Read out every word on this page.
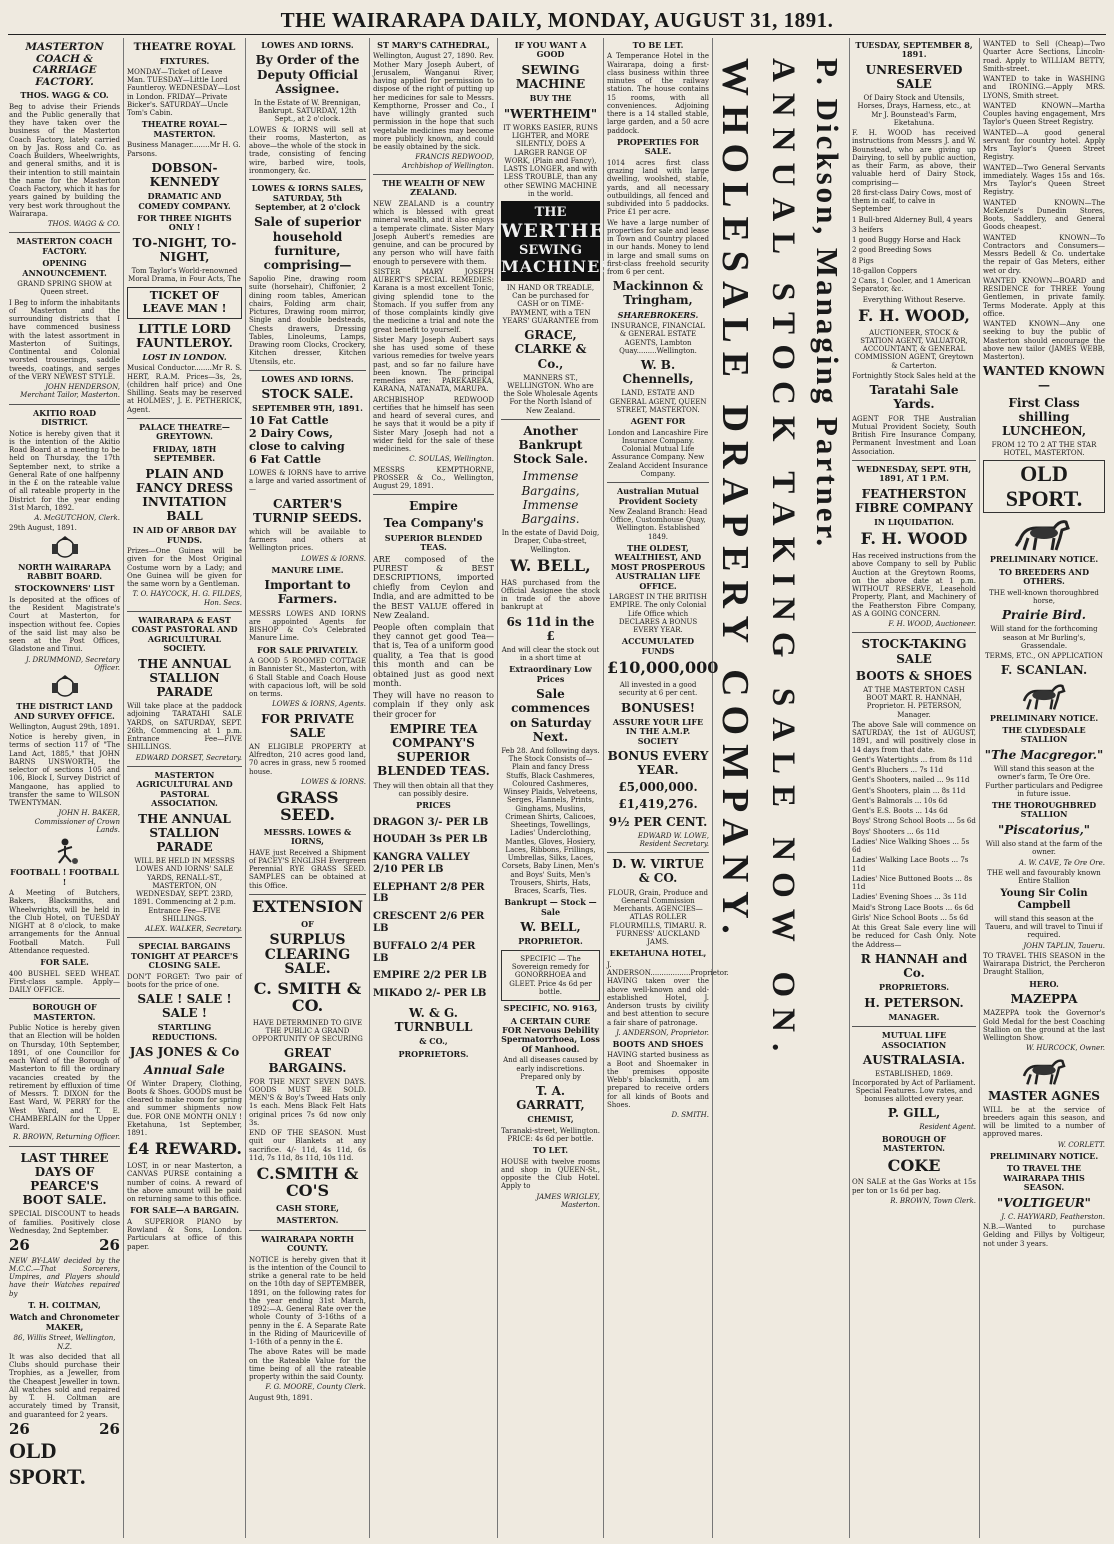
THE WAIRARAPA DAILY, MONDAY, AUGUST 31, 1891.
MASTERTON COACH & CARRIAGE FACTORY.
THOS. WAGG & CO.

Beg to advise their Friends and the Public generally that they have taken over the business of the Masterton Coach Factory, lately carried on by Jas. Ross and Co. as Coach Builders, Wheelwrights, and general smiths, and it is their intention to still maintain the name for the Masterton Coach Factory, which it has for years gained by building the very best work throughout the Wairarapa.

THOS. WAGG & CO.

MASTERTON COACH FACTORY.
OPENING ANNOUNCEMENT.

GRAND SPRING SHOW at Queen street.

I Beg to inform the inhabitants of Masterton and the surrounding districts that I have commenced business with the latest assortment in Masterton of Suitings, Continental and Colonial worsted trouserings, saddle tweeds, coatings, and serges of the VERY NEWEST STYLE.

JOHN HENDERSON, Merchant Tailor, Masterton.

AKITIO ROAD DISTRICT.

Notice is hereby given that it is the intention of the Akitio Road Board at a meeting to be held on Thursday, the 17th September next, to strike a General Rate of one halfpenny in the £ on the rateable value of all rateable property in the District for the year ending 31st March, 1892.

A. McGUTCHON, Clerk.

29th August, 1891.

NORTH WAIRARAPA RABBIT BOARD.
STOCKOWNERS' LIST

Is deposited at the offices of the Resident Magistrate's Court at Masterton, for inspection without fee. Copies of the said list may also be seen at the Post Offices, Gladstone and Tinui.

J. DRUMMOND, Secretary Officer.

THE DISTRICT LAND AND SURVEY OFFICE.

Wellington, August 29th, 1891.

Notice is hereby given, in terms of section 117 of "The Land Act, 1885," that JOHN BARNS UNSWORTH, the selector of sections 105 and 106, Block I, Survey District of Mangaone, has applied to transfer the same to WILSON TWENTYMAN.

JOHN H. BAKER, Commissioner of Crown Lands.

FOOTBALL ! FOOTBALL !

A Meeting of Butchers, Bakers, Blacksmiths, and Wheelwrights, will be held in the Club Hotel, on TUESDAY NIGHT at 8 o'clock, to make arrangements for the Annual Football Match. Full Attendance requested.

FOR SALE.

400 BUSHEL SEED WHEAT. First-class sample. Apply—DAILY OFFICE.

BOROUGH OF MASTERTON.

Public Notice is hereby given that an Election will be holden on Thursday, 10th September, 1891, of one Councillor for each Ward of the Borough of Masterton to fill the ordinary vacancies created by the retirement by effluxion of time of Messrs. T. DIXON for the East Ward, W. PERRY for the West Ward, and T. E. CHAMBERLAIN for the Upper Ward.

R. BROWN, Returning Officer.

LAST THREE DAYS OF PEARCE'S BOOT SALE.

SPECIAL DISCOUNT to heads of families. Positively close Wednesday, 2nd September.

26	26

NEW BY-LAW decided by the M.C.C.—That Sorcerers, Umpires, and Players should have their Watches repaired by

T. H. COLTMAN,
Watch and Chronometer MAKER,

86, Willis Street, Wellington, N.Z.

It was also decided that all Clubs should purchase their Trophies, as a Jeweller, from the Cheapest Jeweller in town. All watches sold and repaired by T. H. Coltman are accurately timed by Transit, and guaranteed for 2 years.

26	26
OLD SPORT.
THEATRE ROYAL
FIXTURES.

MONDAY—Ticket of Leave Man. TUESDAY—Little Lord Fauntleroy. WEDNESDAY—Lost in London. FRIDAY—Private Bicker's. SATURDAY—Uncle Tom's Cabin.

THEATRE ROYAL—MASTERTON.

Business Manager........Mr H. G. Parsons.

DOBSON-KENNEDY
DRAMATIC AND COMEDY COMPANY.
FOR THREE NIGHTS ONLY !
TO-NIGHT, TO-NIGHT,

Tom Taylor's World-renowned Moral Drama, in Four Acts, The

TICKET OF LEAVE MAN !
LITTLE LORD FAUNTLEROY.
LOST IN LONDON.

Musical Conductor........Mr R. S. HERT, R.A.M. Prices—3s, 2s, (children half price) and One Shilling. Seats may be reserved at HOLMES', J. E. PETHERICK, Agent.

PALACE THEATRE—GREYTOWN.
FRIDAY, 18TH SEPTEMBER.
PLAIN AND FANCY DRESS INVITATION BALL
IN AID OF ARBOR DAY FUNDS.

Prizes—One Guinea will be given for the Most Original Costume worn by a Lady; and One Guinea will be given for the same worn by a Gentleman.

T. O. HAYCOCK, H. G. FILDES, Hon. Secs.

WAIRARAPA & EAST COAST PASTORAL AND AGRICULTURAL SOCIETY.
THE ANNUAL STALLION PARADE

Will take place at the paddock adjoining TARATAHI SALE YARDS, on SATURDAY, SEPT. 26th, Commencing at 1 p.m. Entrance Fee—FIVE SHILLINGS.

EDWARD DORSET, Secretary.

MASTERTON AGRICULTURAL AND PASTORAL ASSOCIATION.
THE ANNUAL STALLION PARADE

WILL BE HELD IN MESSRS LOWES AND IORNS' SALE YARDS, RENALL-ST., MASTERTON, ON WEDNESDAY, SEPT. 23RD, 1891. Commencing at 2 p.m. Entrance Fee—FIVE SHILLINGS.

ALEX. WALKER, Secretary.

SPECIAL BARGAINS TONIGHT AT PEARCE'S CLOSING SALE.

DON'T FORGET: Two pair of boots for the price of one.

SALE ! SALE ! SALE !
STARTLING REDUCTIONS.
JAS JONES & Co
Annual Sale

Of Winter Drapery, Clothing, Boots & Shoes. GOODS must be cleared to make room for spring and summer shipments now due. FOR ONE MONTH ONLY ! Eketahuna, 1st September, 1891.

£4 REWARD.

LOST, in or near Masterton, a CANVAS PURSE containing a number of coins. A reward of the above amount will be paid on returning same to this office.

FOR SALE—A BARGAIN.

A SUPERIOR PIANO by Rowland & Sons, London. Particulars at office of this paper.

LOWES AND IORNS.
By Order of the Deputy Official Assignee.

In the Estate of W. Brennigan, Bankrupt. SATURDAY, 12th Sept., at 2 o'clock.

LOWES & IORNS will sell at their rooms, Masterton, as above—the whole of the stock in trade, consisting of fencing wire, barbed wire, tools, ironmongery, &c.

LOWES & IORNS SALES, SATURDAY, 5th September, at 2 o'clock
Sale of superior household furniture, comprising—

Sapolio Pine, drawing room suite (horsehair), Chiffonier, 2 dining room tables, American chairs, Folding arm chair, Pictures, Drawing room mirror, Single and double bedsteads, Chests drawers, Dressing Tables, Linoleums, Lamps, Drawing room Clocks, Crockery, Kitchen dresser, Kitchen Utensils, etc.

LOWES AND IORNS.
STOCK SALE.
SEPTEMBER 9TH, 1891.
10 Fat Cattle
2 Dairy Cows, close to calving
6 Fat Cattle

LOWES & IORNS have to arrive a large and varied assortment of—

CARTER'S TURNIP SEEDS.

which will be available to farmers and others at Wellington prices.

LOWES & IORNS.

MANURE LIME.
Important to Farmers.

MESSRS LOWES AND IORNS are appointed Agents for BISHOP & Co's Celebrated Manure Lime.

FOR SALE PRIVATELY.

A GOOD 5 ROOMED COTTAGE in Bannister St., Masterton, with 6 Stall Stable and Coach House with capacious loft, will be sold on terms.

LOWES & IORNS, Agents.

FOR PRIVATE SALE

AN ELIGIBLE PROPERTY at Alfredton, 210 acres good land, 70 acres in grass, new 5 roomed house.

LOWES & IORNS.

GRASS SEED.
MESSRS. LOWES & IORNS,

HAVE just Received a Shipment of PACEY'S ENGLISH Evergreen Perennial RYE GRASS SEED. SAMPLES can be obtained at this Office.

EXTENSION
OF
SURPLUS CLEARING SALE.
C. SMITH & CO.

HAVE DETERMINED TO GIVE THE PUBLIC A GRAND OPPORTUNITY OF SECURING

GREAT BARGAINS.

FOR THE NEXT SEVEN DAYS. GOODS MUST BE SOLD. MEN'S & Boy's Tweed Hats only 1s each. Mens Black Felt Hats original prices 7s 6d now only 3s.

END OF THE SEASON. Must quit our Blankets at any sacrifice. 4/- 11d, 4s 11d, 6s 11d, 7s 11d, 8s 11d, 10s 11d.

C.SMITH & CO'S
CASH STORE,
MASTERTON.
WAIRARAPA NORTH COUNTY.

NOTICE is hereby given that it is the intention of the Council to strike a general rate to be held on the 10th day of SEPTEMBER, 1891, on the following rates for the year ending 31st March, 1892:—A. General Rate over the whole County of 3-16ths of a penny in the £. A Separate Rate in the Riding of Mauriceville of 1-16th of a penny in the £.

The above Rates will be made on the Rateable Value for the time being of all the rateable property within the said County.

F. G. MOORE, County Clerk.

August 9th, 1891.

ST MARY'S CATHEDRAL,

Wellington, August 27, 1890. Rev. Mother Mary Joseph Aubert, of Jerusalem, Wanganui River, having applied for permission to dispose of the right of putting up her medicines for sale to Messrs. Kempthorne, Prosser and Co., I have willingly granted such permission in the hope that such vegetable medicines may become more publicly known, and could be easily obtained by the sick.

FRANCIS REDWOOD, Archbishop of Wellington.

THE WEALTH OF NEW ZEALAND.

NEW ZEALAND is a country which is blessed with great mineral wealth, and it also enjoys a temperate climate. Sister Mary Joseph Aubert's remedies are genuine, and can be procured by any person who will have faith enough to persevere with them.

SISTER MARY JOSEPH AUBERT'S SPECIAL REMEDIES: Karana is a most excellent Tonic, giving splendid tone to the Stomach. If you suffer from any of those complaints kindly give the medicine a trial and note the great benefit to yourself.

Sister Mary Joseph Aubert says she has used some of these various remedies for twelve years past, and so far no failure have been known. The principal remedies are: PAREKAREKA, KARANA, NATANATA, MARUPA.

ARCHBISHOP REDWOOD certifies that he himself has seen and heard of several cures, and he says that it would be a pity if Sister Mary Joseph had not a wider field for the sale of these medicines.

C. SOULAS, Wellington.

MESSRS KEMPTHORNE, PROSSER & Co., Wellington, August 29, 1891.

Empire
Tea Company's
SUPERIOR BLENDED TEAS.

ARE composed of the PUREST & BEST DESCRIPTIONS, imported chiefly from Ceylon and India, and are admitted to be the BEST VALUE offered in New Zealand.

People often complain that they cannot get good Tea—that is, Tea of a uniform good quality, a Tea that is good this month and can be obtained just as good next month.

They will have no reason to complain if they only ask their grocer for

EMPIRE TEA COMPANY'S SUPERIOR BLENDED TEAS.

They will then obtain all that they can possibly desire.

PRICES
DRAGON 3/- PER LB
HOUDAH 3s PER LB
KANGRA VALLEY 2/10 PER LB
ELEPHANT 2/8 PER LB
CRESCENT 2/6 PER LB
BUFFALO 2/4 PER LB
EMPIRE 2/2 PER LB
MIKADO 2/- PER LB
W. & G. TURNBULL
& CO.,
PROPRIETORS.
IF YOU WANT A GOOD
SEWING MACHINE
BUY THE
"WERTHEIM"

IT WORKS EASIER, RUNS LIGHTER, and MORE SILENTLY, DOES A LARGER RANGE OF WORK, (Plain and Fancy), LASTS LONGER, and with LESS TROUBLE, than any other SEWING MACHINE in the world.

THE
WERTHEIM
SEWING
MACHINES

IN HAND OR TREADLE, Can be purchased for CASH or on TIME-PAYMENT, with a TEN YEARS' GUARANTEE from

GRACE, CLARKE & Co.,

MANNERS ST., WELLINGTON. Who are the Sole Wholesale Agents For the North Island of New Zealand.

Another Bankrupt Stock Sale.
Immense Bargains, Immense Bargains.

In the estate of David Doig, Draper, Cuba-street, Wellington.

W. BELL,

HAS purchased from the Official Assignee the stock in trade of the above bankrupt at

6s 11d in the £

And will clear the stock out in a short time at

Extraordinary Low Prices
Sale commences on Saturday Next.

Feb 28. And following days. The Stock Consists of—Plain and fancy Dress Stuffs, Black Cashmeres, Coloured Cashmeres, Winsey Plaids, Velveteens, Serges, Flannels, Prints, Ginghams, Muslins, Crimean Shirts, Calicoes, Sheetings, Towellings, Ladies' Underclothing, Mantles, Gloves, Hosiery, Laces, Ribbons, Frillings, Umbrellas, Silks, Laces, Corsets, Baby Linen, Men's and Boys' Suits, Men's Trousers, Shirts, Hats, Braces, Scarfs, Ties.

Bankrupt — Stock — Sale
W. BELL,
PROPRIETOR.

SPECIFIC — The Sovereign remedy for GONORRHOEA and GLEET. Price 4s 6d per bottle.

SPECIFIC, NO. 9163,
A CERTAIN CURE FOR Nervous Debility Spermatorrhoea, Loss Of Manhood.

And all diseases caused by early indiscretions. Prepared only by

T. A. GARRATT,
CHEMIST,

Taranaki-street, Wellington. PRICE: 4s 6d per bottle.

TO LET.

HOUSE with twelve rooms and shop in QUEEN-St., opposite the Club Hotel. Apply to

JAMES WRIGLEY, Masterton.

TO BE LET.

A Temperance Hotel in the Wairarapa, doing a first-class business within three minutes of the railway station. The house contains 15 rooms, with all conveniences. Adjoining there is a 14 stalled stable, large garden, and a 50 acre paddock.

PROPERTIES FOR SALE.

1014 acres first class grazing land with large dwelling, woolshed, stable, yards, and all necessary outbuildings, all fenced and subdivided into 5 paddocks. Price £1 per acre.

We have a large number of properties for sale and lease in Town and Country placed in our hands. Money to lend in large and small sums on first-class freehold security from 6 per cent.

Mackinnon & Tringham,
SHAREBROKERS.

INSURANCE, FINANCIAL & GENERAL ESTATE AGENTS, Lambton Quay.........Wellington.

W. B. Chennells,

LAND, ESTATE AND GENERAL AGENT, QUEEN STREET, MASTERTON.

AGENT FOR

London and Lancashire Fire Insurance Company. Colonial Mutual Life Assurance Company. New Zealand Accident Insurance Company.

Australian Mutual Provident Society

New Zealand Branch: Head Office, Customhouse Quay, Wellington. Established 1849.

THE OLDEST, WEALTHIEST, AND MOST PROSPEROUS AUSTRALIAN LIFE OFFICE.

LARGEST IN THE BRITISH EMPIRE. The only Colonial Life Office which DECLARES A BONUS EVERY YEAR.

ACCUMULATED FUNDS
£10,000,000

All invested in a good security at 6 per cent.

BONUSES!
ASSURE YOUR LIFE IN THE A.M.P. SOCIETY
BONUS EVERY YEAR.
£5,000,000.
£1,419,276.
9½ PER CENT.

EDWARD W. LOWE, Resident Secretary.

D. W. VIRTUE & CO.

FLOUR, Grain, Produce and General Commission Merchants. AGENCIES—ATLAS ROLLER FLOURMILLS, TIMARU. R. FURNESS' AUCKLAND JAMS.

EKETAHUNA HOTEL,

J. ANDERSON..................Proprietor. HAVING taken over the above well-known and old-established Hotel, J. Anderson trusts by civility and best attention to secure a fair share of patronage.

J. ANDERSON, Proprietor.

BOOTS AND SHOES

HAVING started business as a Boot and Shoemaker in the premises opposite Webb's blacksmith, I am prepared to receive orders for all kinds of Boots and Shoes.

D. SMITH.

WHOLESALE DRAPERY COMPANY. ANNUAL STOCK TAKING SALE NOW ON. P. Dickson, Managing Partner.
TUESDAY, SEPTEMBER 8, 1891.
UNRESERVED SALE

Of Dairy Stock and Utensils, Horses, Drays, Harness, etc., at Mr J. Bounstead's Farm, Eketahuna.

F. H. WOOD has received instructions from Messrs J. and W. Bounstead, who are giving up Dairying, to sell by public auction, as their Farm, as above, their valuable herd of Dairy Stock, comprising—

28 first-class Dairy Cows, most of them in calf, to calve in September

1 Bull-bred Alderney Bull, 4 years

3 heifers

1 good Buggy Horse and Hack

2 good Breeding Sows

8 Pigs

18-gallon Coppers

2 Cans, 1 Cooler, and 1 American Separator, &c.

Everything Without Reserve.

F. H. WOOD,

AUCTIONEER, STOCK & STATION AGENT, VALUATOR, ACCOUNTANT, & GENERAL COMMISSION AGENT, Greytown & Carterton.

Fortnightly Stock Sales held at the

Taratahi Sale Yards.

AGENT FOR THE Australian Mutual Provident Society, South British Fire Insurance Company, Permanent Investment and Loan Association.

WEDNESDAY, SEPT. 9TH, 1891, AT 1 P.M.
FEATHERSTON FIBRE COMPANY
IN LIQUIDATION.
F. H. WOOD

Has received instructions from the above Company to sell by Public Auction at the Greytown Rooms, on the above date at 1 p.m. WITHOUT RESERVE, Leasehold Property, Plant, and Machinery of the Featherston Fibre Company, AS A GOING CONCERN.

F. H. WOOD, Auctioneer.

STOCK-TAKING SALE
BOOTS & SHOES

AT THE MASTERTON CASH BOOT MART. R. HANNAH, Proprietor. H. PETERSON, Manager.

The above Sale will commence on SATURDAY, the 1st of AUGUST, 1891, and will positively close in 14 days from that date.

Gent's Watertights ... from 8s 11d

Gent's Bluchers ... 7s 11d

Gent's Shooters, nailed ... 9s 11d

Gent's Shooters, plain ... 8s 11d

Gent's Balmorals ... 10s 6d

Gent's E.S. Boots ... 14s 6d

Boys' Strong School Boots ... 5s 6d

Boys' Shooters ... 6s 11d

Ladies' Nice Walking Shoes ... 5s 6d

Ladies' Walking Lace Boots ... 7s 11d

Ladies' Nice Buttoned Boots ... 8s 11d

Ladies' Evening Shoes ... 3s 11d

Maid's Strong Lace Boots ... 6s 6d

Girls' Nice School Boots ... 5s 6d

At this Great Sale every line will be reduced for Cash Only. Note the Address—

R HANNAH and Co.
PROPRIETORS.
H. PETERSON.
MANAGER.
MUTUAL LIFE ASSOCIATION
AUSTRALASIA.

ESTABLISHED, 1869. Incorporated by Act of Parliament. Special Features. Low rates, and bonuses allotted every year.

P. GILL,

Resident Agent.

BOROUGH OF MASTERTON.
COKE

ON SALE at the Gas Works at 15s per ton or 1s 6d per bag.

R. BROWN, Town Clerk.

WANTED to Sell (Cheap)—Two Quarter Acre Sections, Lincoln-road. Apply to WILLIAM BETTY, Smith-street.

WANTED to take in WASHING and IRONING.—Apply MRS. LYONS, Smith street.

WANTED KNOWN—Martha Couples having engagement, Mrs Taylor's Queen Street Registry.

WANTED—A good general servant for country hotel. Apply Mrs Taylor's Queen Street Registry.

WANTED—Two General Servants immediately. Wages 15s and 16s. Mrs Taylor's Queen Street Registry.

WANTED KNOWN—The McKenzie's Dunedin Stores, Boots, Saddlery, and General Goods cheapest.

WANTED KNOWN—To Contractors and Consumers—Messrs Bedell & Co. undertake the repair of Gas Meters, either wet or dry.

WANTED KNOWN—BOARD and RESIDENCE for THREE Young Gentlemen, in private family. Terms Moderate. Apply at this office.

WANTED KNOWN—Any one seeking to buy the public of Masterton should encourage the above new tailor (JAMES WEBB, Masterton).

WANTED KNOWN—
First Class shilling LUNCHEON,

FROM 12 TO 2 AT THE STAR HOTEL, MASTERTON.

OLD SPORT.
PRELIMINARY NOTICE.
TO BREEDERS AND OTHERS.

THE well-known thoroughbred horse,

Prairie Bird.

Will stand for the forthcoming season at Mr Burling's, Grassendale.

TERMS, ETC., ON APPLICATION

F. SCANLAN.
PRELIMINARY NOTICE.
THE CLYDESDALE STALLION
"The Macgregor."

Will stand this season at the owner's farm, Te Ore Ore. Further particulars and Pedigree in future issue.

THE THOROUGHBRED STALLION
"Piscatorius,"

Will also stand at the farm of the owner.

A. W. CAVE, Te Ore Ore.

THE well and favourably known Entire Stallion

Young Sir Colin Campbell

will stand this season at the Taueru, and will travel to Tinui if required.

JOHN TAPLIN, Taueru.

TO TRAVEL THIS SEASON in the Wairarapa District, the Percheron Draught Stallion,

HERO.
MAZEPPA

MAZEPPA took the Governor's Gold Medal for the best Coaching Stallion on the ground at the last Wellington Show.

W. HURCOCK, Owner.

MASTER AGNES

WILL be at the service of breeders again this season, and will be limited to a number of approved mares.

W. CORLETT.

PRELIMINARY NOTICE.
TO TRAVEL THE WAIRARAPA THIS SEASON.
"VOLTIGEUR"

J. C. HAYWARD, Featherston.

N.B.—Wanted to purchase Gelding and Fillys by Voltigeur, not under 3 years.
